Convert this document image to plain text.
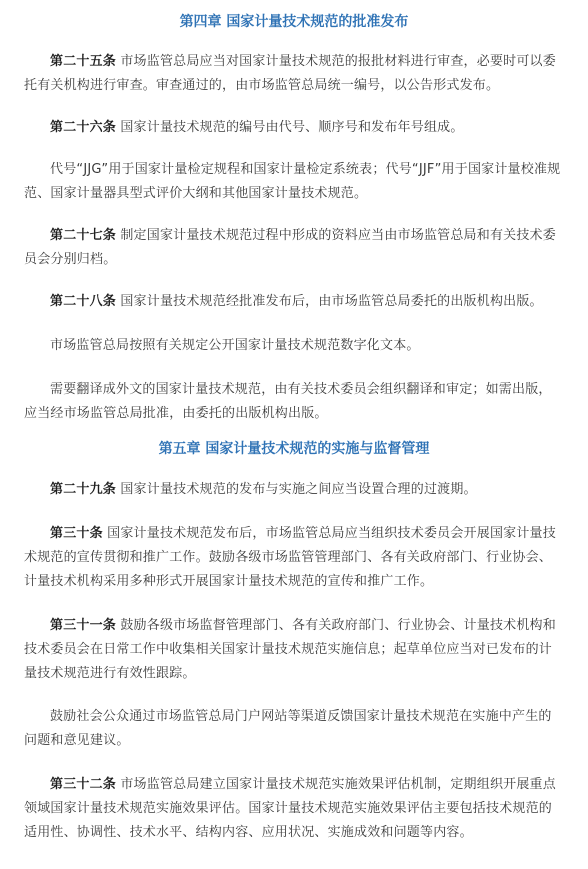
第四章 国家计量技术规范的批准发布

第二十五条 市场监管总局应当对国家计量技术规范的报批材料进行审查，必要时可以委托有关机构进行审查。审查通过的，由市场监管总局统一编号，以公告形式发布。

第二十六条 国家计量技术规范的编号由代号、顺序号和发布年号组成。

代号“JJG”用于国家计量检定规程和国家计量检定系统表；代号“JJF”用于国家计量校准规范、国家计量器具型式评价大纲和其他国家计量技术规范。

第二十七条 制定国家计量技术规范过程中形成的资料应当由市场监管总局和有关技术委员会分别归档。

第二十八条 国家计量技术规范经批准发布后，由市场监管总局委托的出版机构出版。

市场监管总局按照有关规定公开国家计量技术规范数字化文本。

需要翻译成外文的国家计量技术规范，由有关技术委员会组织翻译和审定；如需出版，应当经市场监管总局批准，由委托的出版机构出版。

第五章 国家计量技术规范的实施与监督管理

第二十九条 国家计量技术规范的发布与实施之间应当设置合理的过渡期。

第三十条 国家计量技术规范发布后，市场监管总局应当组织技术委员会开展国家计量技术规范的宣传贯彻和推广工作。鼓励各级市场监管管理部门、各有关政府部门、行业协会、计量技术机构采用多种形式开展国家计量技术规范的宣传和推广工作。

第三十一条 鼓励各级市场监督管理部门、各有关政府部门、行业协会、计量技术机构和技术委员会在日常工作中收集相关国家计量技术规范实施信息；起草单位应当对已发布的计量技术规范进行有效性跟踪。

鼓励社会公众通过市场监管总局门户网站等渠道反馈国家计量技术规范在实施中产生的问题和意见建议。

第三十二条 市场监管总局建立国家计量技术规范实施效果评估机制，定期组织开展重点领域国家计量技术规范实施效果评估。国家计量技术规范实施效果评估主要包括技术规范的适用性、协调性、技术水平、结构内容、应用状况、实施成效和问题等内容。
